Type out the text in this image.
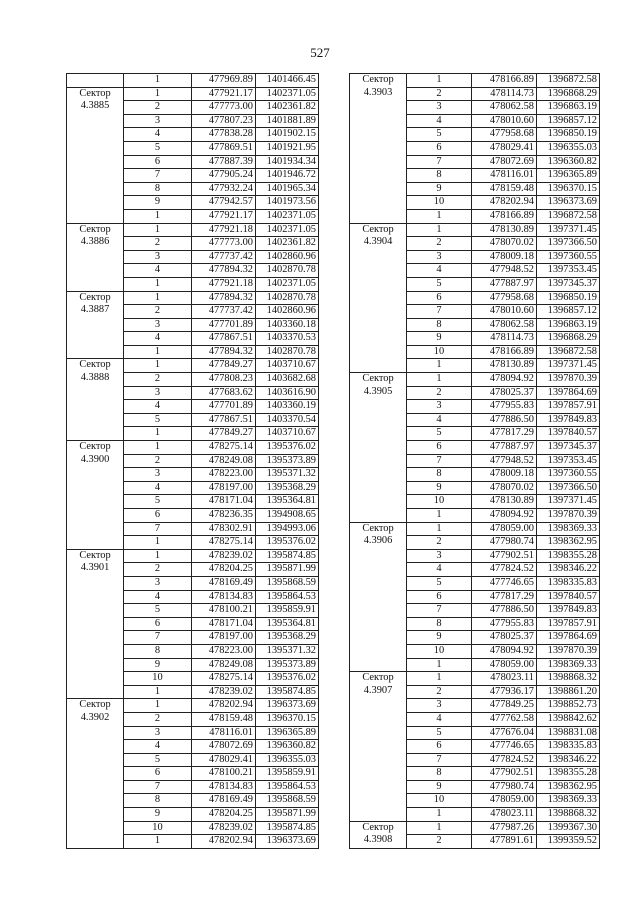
527
	1	477969.89	1401466.45

Сектор
4.3885	1	477921.17	1402371.05
	2	477773.00	1402361.82
	3	477807.23	1401881.89
	4	477838.28	1401902.15
	5	477869.51	1401921.95
	6	477887.39	1401934.34
	7	477905.24	1401946.72
	8	477932.24	1401965.34
	9	477942.57	1401973.56
	1	477921.17	1402371.05

Сектор
4.3886	1	477921.18	1402371.05
	2	477773.00	1402361.82
	3	477737.42	1402860.96
	4	477894.32	1402870.78
	1	477921.18	1402371.05

Сектор
4.3887	1	477894.32	1402870.78
	2	477737.42	1402860.96
	3	477701.89	1403360.18
	4	477867.51	1403370.53
	1	477894.32	1402870.78

Сектор
4.3888	1	477849.27	1403710.67
	2	477808.23	1403682.68
	3	477683.62	1403616.90
	4	477701.89	1403360.19
	5	477867.51	1403370.54
	1	477849.27	1403710.67

Сектор
4.3900	1	478275.14	1395376.02
	2	478249.08	1395373.89
	3	478223.00	1395371.32
	4	478197.00	1395368.29
	5	478171.04	1395364.81
	6	478236.35	1394908.65
	7	478302.91	1394993.06
	1	478275.14	1395376.02

Сектор
4.3901	1	478239.02	1395874.85
	2	478204.25	1395871.99
	3	478169.49	1395868.59
	4	478134.83	1395864.53
	5	478100.21	1395859.91
	6	478171.04	1395364.81
	7	478197.00	1395368.29
	8	478223.00	1395371.32
	9	478249.08	1395373.89
	10	478275.14	1395376.02
	1	478239.02	1395874.85

Сектор
4.3902	1	478202.94	1396373.69
	2	478159.48	1396370.15
	3	478116.01	1396365.89
	4	478072.69	1396360.82
	5	478029.41	1396355.03
	6	478100.21	1395859.91
	7	478134.83	1395864.53
	8	478169.49	1395868.59
	9	478204.25	1395871.99
	10	478239.02	1395874.85
	1	478202.94	1396373.69
Сектор
4.3903	1	478166.89	1396872.58
	2	478114.73	1396868.29
	3	478062.58	1396863.19
	4	478010.60	1396857.12
	5	477958.68	1396850.19
	6	478029.41	1396355.03
	7	478072.69	1396360.82
	8	478116.01	1396365.89
	9	478159.48	1396370.15
	10	478202.94	1396373.69
	1	478166.89	1396872.58

Сектор
4.3904	1	478130.89	1397371.45
	2	478070.02	1397366.50
	3	478009.18	1397360.55
	4	477948.52	1397353.45
	5	477887.97	1397345.37
	6	477958.68	1396850.19
	7	478010.60	1396857.12
	8	478062.58	1396863.19
	9	478114.73	1396868.29
	10	478166.89	1396872.58
	1	478130.89	1397371.45

Сектор
4.3905	1	478094.92	1397870.39
	2	478025.37	1397864.69
	3	477955.83	1397857.91
	4	477886.50	1397849.83
	5	477817.29	1397840.57
	6	477887.97	1397345.37
	7	477948.52	1397353.45
	8	478009.18	1397360.55
	9	478070.02	1397366.50
	10	478130.89	1397371.45
	1	478094.92	1397870.39

Сектор
4.3906	1	478059.00	1398369.33
	2	477980.74	1398362.95
	3	477902.51	1398355.28
	4	477824.52	1398346.22
	5	477746.65	1398335.83
	6	477817.29	1397840.57
	7	477886.50	1397849.83
	8	477955.83	1397857.91
	9	478025.37	1397864.69
	10	478094.92	1397870.39
	1	478059.00	1398369.33

Сектор
4.3907	1	478023.11	1398868.32
	2	477936.17	1398861.20
	3	477849.25	1398852.73
	4	477762.58	1398842.62
	5	477676.04	1398831.08
	6	477746.65	1398335.83
	7	477824.52	1398346.22
	8	477902.51	1398355.28
	9	477980.74	1398362.95
	10	478059.00	1398369.33
	1	478023.11	1398868.32

Сектор
4.3908	1	477987.26	1399367.30
	2	477891.61	1399359.52
